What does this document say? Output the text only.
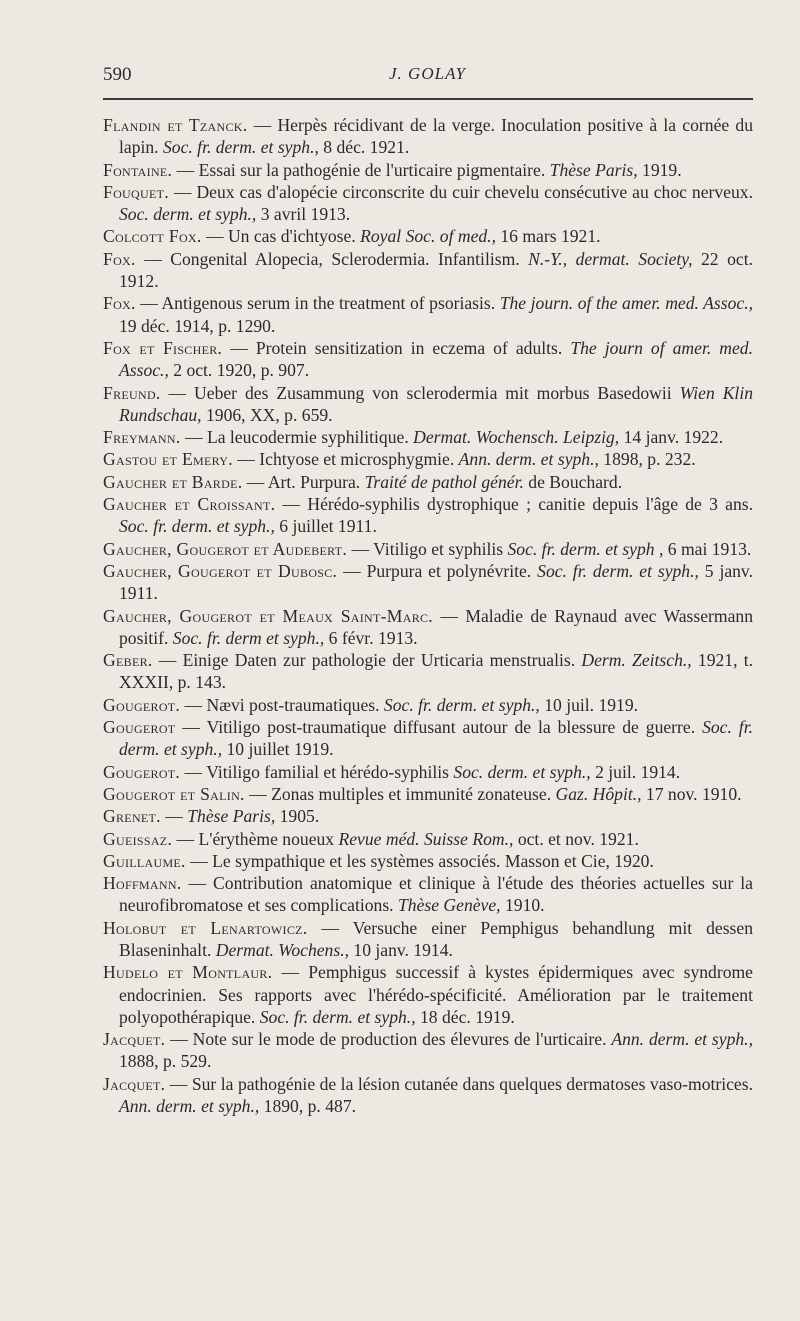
590	J. GOLAY

Flandin et Tzanck. — Herpès récidivant de la verge. Inoculation positive à la cornée du lapin. Soc. fr. derm. et syph., 8 déc. 1921.

Fontaine. — Essai sur la pathogénie de l'urticaire pigmentaire. Thèse Paris, 1919.

Fouquet. — Deux cas d'alopécie circonscrite du cuir chevelu consécutive au choc nerveux. Soc. derm. et syph., 3 avril 1913.

Colcott Fox. — Un cas d'ichtyose. Royal Soc. of med., 16 mars 1921.

Fox. — Congenital Alopecia, Sclerodermia. Infantilism. N.-Y., dermat. Society, 22 oct. 1912.

Fox. — Antigenous serum in the treatment of psoriasis. The journ. of the amer. med. Assoc., 19 déc. 1914, p. 1290.

Fox et Fischer. — Protein sensitization in eczema of adults. The journ of amer. med. Assoc., 2 oct. 1920, p. 907.

Freund. — Ueber des Zusammung von sclerodermia mit morbus Basedowii Wien Klin Rundschau, 1906, XX, p. 659.

Freymann. — La leucodermie syphilitique. Dermat. Wochensch. Leipzig, 14 janv. 1922.

Gastou et Emery. — Ichtyose et microsphygmie. Ann. derm. et syph., 1898, p. 232.

Gaucher et Barde. — Art. Purpura. Traité de pathol génér. de Bouchard.

Gaucher et Croissant. — Hérédo-syphilis dystrophique ; canitie depuis l'âge de 3 ans. Soc. fr. derm. et syph., 6 juillet 1911.

Gaucher, Gougerot et Audebert. — Vitiligo et syphilis Soc. fr. derm. et syph , 6 mai 1913.

Gaucher, Gougerot et Dubosc. — Purpura et polynévrite. Soc. fr. derm. et syph., 5 janv. 1911.

Gaucher, Gougerot et Meaux Saint-Marc. — Maladie de Raynaud avec Wassermann positif. Soc. fr. derm et syph., 6 févr. 1913.

Geber. — Einige Daten zur pathologie der Urticaria menstrualis. Derm. Zeitsch., 1921, t. XXXII, p. 143.

Gougerot. — Nævi post-traumatiques. Soc. fr. derm. et syph., 10 juil. 1919.

Gougerot — Vitiligo post-traumatique diffusant autour de la blessure de guerre. Soc. fr. derm. et syph., 10 juillet 1919.

Gougerot. — Vitiligo familial et hérédo-syphilis Soc. derm. et syph., 2 juil. 1914.

Gougerot et Salin. — Zonas multiples et immunité zonateuse. Gaz. Hôpit., 17 nov. 1910.

Grenet. — Thèse Paris, 1905.

Gueissaz. — L'érythème noueux Revue méd. Suisse Rom., oct. et nov. 1921.

Guillaume. — Le sympathique et les systèmes associés. Masson et Cie, 1920.

Hoffmann. — Contribution anatomique et clinique à l'étude des théories actuelles sur la neurofibromatose et ses complications. Thèse Genève, 1910.

Holobut et Lenartowicz. — Versuche einer Pemphigus behandlung mit dessen Blaseninhalt. Dermat. Wochens., 10 janv. 1914.

Hudelo et Montlaur. — Pemphigus successif à kystes épidermiques avec syndrome endocrinien. Ses rapports avec l'hérédo-spécificité. Amélioration par le traitement polyopothérapique. Soc. fr. derm. et syph., 18 déc. 1919.

Jacquet. — Note sur le mode de production des élevures de l'urticaire. Ann. derm. et syph., 1888, p. 529.

Jacquet. — Sur la pathogénie de la lésion cutanée dans quelques dermatoses vaso-motrices. Ann. derm. et syph., 1890, p. 487.
